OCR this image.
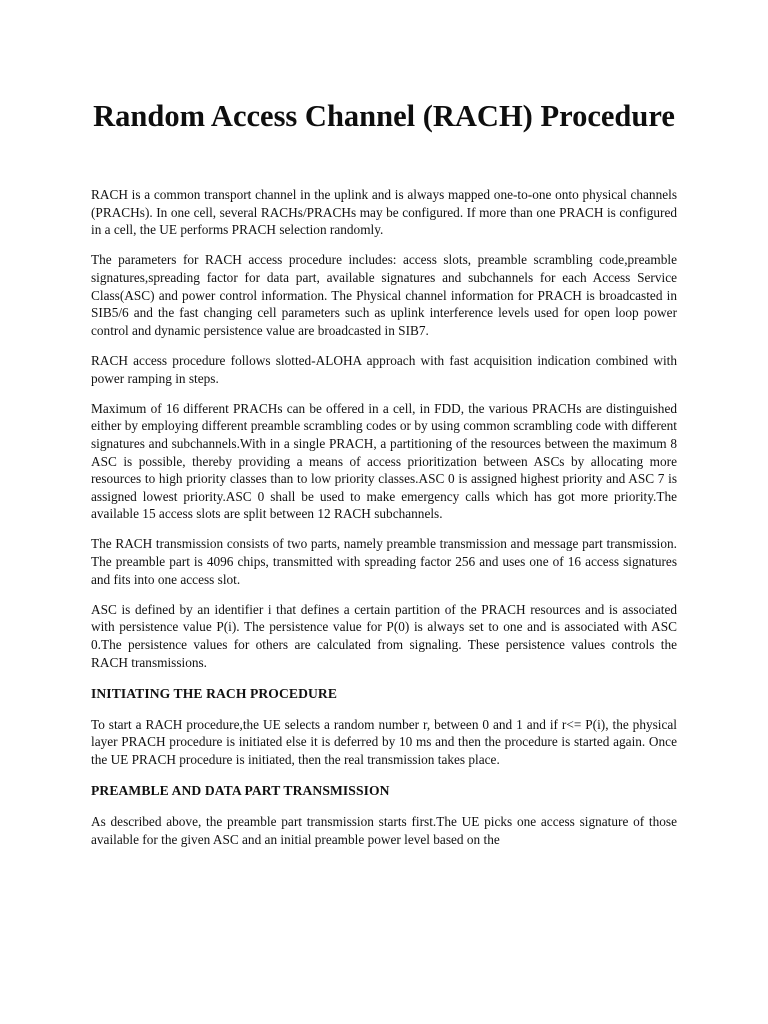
Random Access Channel (RACH) Procedure

RACH is a common transport channel in the uplink and is always mapped one-to-one onto physical channels (PRACHs). In one cell, several RACHs/PRACHs may be configured. If more than one PRACH is configured in a cell, the UE performs PRACH selection randomly.

The parameters for RACH access procedure includes: access slots, preamble scrambling code,preamble signatures,spreading factor for data part, available signatures and subchannels for each Access Service Class(ASC) and power control information. The Physical channel information for PRACH is broadcasted in SIB5/6 and the fast changing cell parameters such as uplink interference levels used for open loop power control and dynamic persistence value are broadcasted in SIB7.

RACH access procedure follows slotted-ALOHA approach with fast acquisition indication combined with power ramping in steps.

Maximum of 16 different PRACHs can be offered in a cell, in FDD, the various PRACHs are distinguished either by employing different preamble scrambling codes or by using common scrambling code with different signatures and subchannels.With in a single PRACH, a partitioning of the resources between the maximum 8 ASC is possible, thereby providing a means of access prioritization between ASCs by allocating more resources to high priority classes than to low priority classes.ASC 0 is assigned highest priority and ASC 7 is assigned lowest priority.ASC 0 shall be used to make emergency calls which has got more priority.The available 15 access slots are split between 12 RACH subchannels.

The RACH transmission consists of two parts, namely preamble transmission and message part transmission. The preamble part is 4096 chips, transmitted with spreading factor 256 and uses one of 16 access signatures and fits into one access slot.

ASC is defined by an identifier i that defines a certain partition of the PRACH resources and is associated with persistence value P(i). The persistence value for P(0) is always set to one and is associated with ASC 0.The persistence values for others are calculated from signaling. These persistence values controls the RACH transmissions.

INITIATING THE RACH PROCEDURE

To start a RACH procedure,the UE selects a random number r, between 0 and 1 and if r<= P(i), the physical layer PRACH procedure is initiated else it is deferred by 10 ms and then the procedure is started again. Once the UE PRACH procedure is initiated, then the real transmission takes place.

PREAMBLE AND DATA PART TRANSMISSION

As described above, the preamble part transmission starts first.The UE picks one access signature of those available for the given ASC and an initial preamble power level based on the
